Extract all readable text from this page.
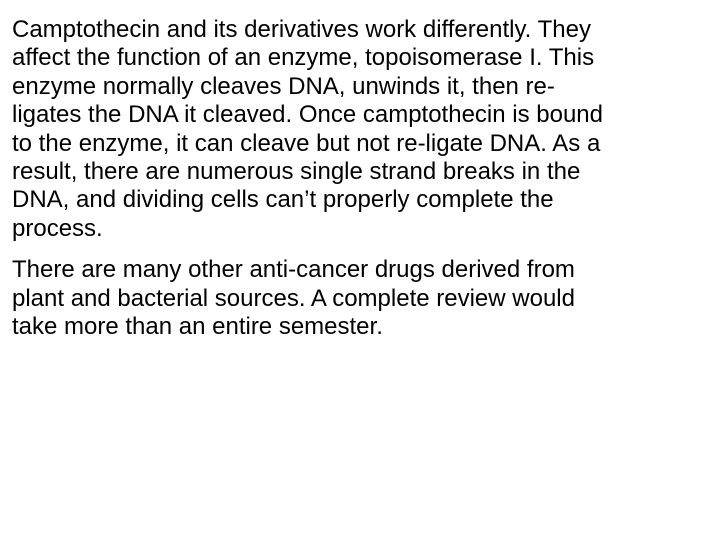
Camptothecin and its derivatives work differently. They
affect the function of an enzyme, topoisomerase I. This
enzyme normally cleaves DNA, unwinds it, then re-
ligates the DNA it cleaved. Once camptothecin is bound
to the enzyme, it can cleave but not re-ligate DNA. As a
result, there are numerous single strand breaks in the
DNA, and dividing cells can’t properly complete the
process.

There are many other anti-cancer drugs derived from
plant and bacterial sources. A complete review would
take more than an entire semester.
